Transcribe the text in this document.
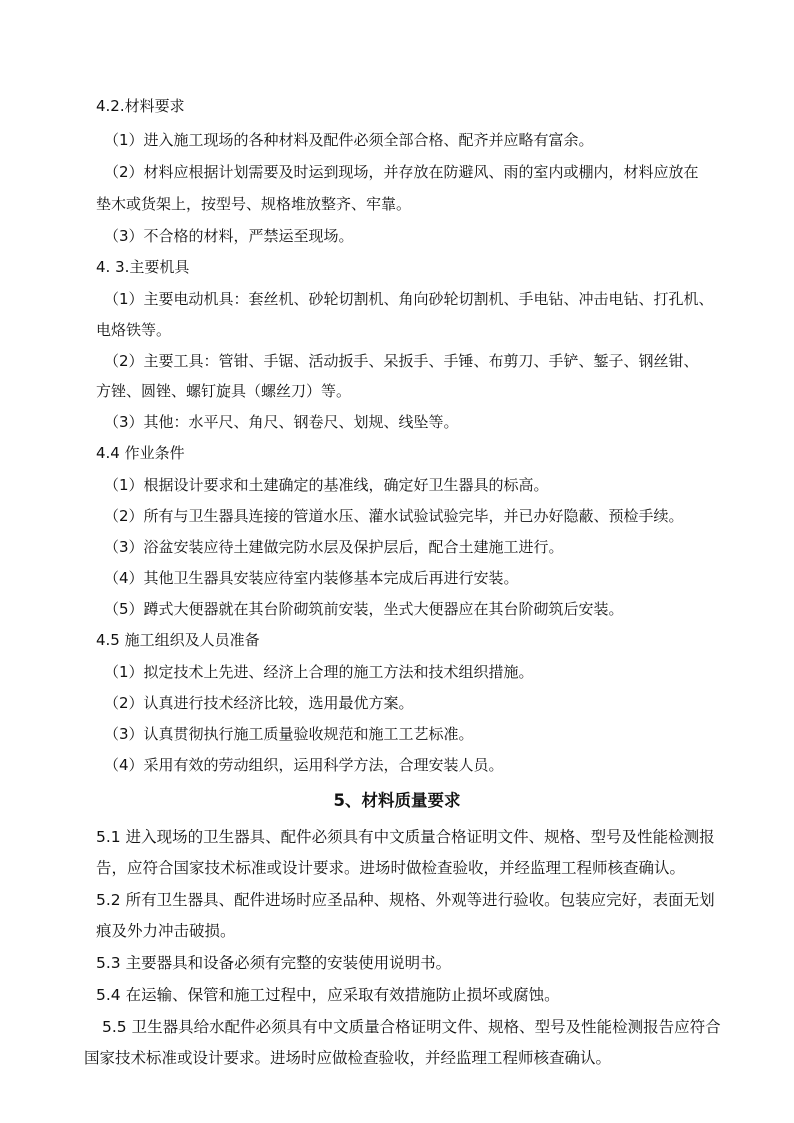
4.2.材料要求
（1）进入施工现场的各种材料及配件必须全部合格、配齐并应略有富余。
（2）材料应根据计划需要及时运到现场，并存放在防避风、雨的室内或棚内，材料应放在
垫木或货架上，按型号、规格堆放整齐、牢靠。
（3）不合格的材料，严禁运至现场。
4. 3.主要机具
（1）主要电动机具：套丝机、砂轮切割机、角向砂轮切割机、手电钻、冲击电钻、打孔机、
电烙铁等。
（2）主要工具：管钳、手锯、活动扳手、呆扳手、手锤、布剪刀、手铲、錾子、钢丝钳、
方锉、圆锉、螺钉旋具（螺丝刀）等。
（3）其他：水平尺、角尺、钢卷尺、划规、线坠等。
4.4 作业条件
（1）根据设计要求和土建确定的基准线，确定好卫生器具的标高。
（2）所有与卫生器具连接的管道水压、灌水试验试验完毕，并已办好隐蔽、预检手续。
（3）浴盆安装应待土建做完防水层及保护层后，配合土建施工进行。
（4）其他卫生器具安装应待室内装修基本完成后再进行安装。
（5）蹲式大便器就在其台阶砌筑前安装，坐式大便器应在其台阶砌筑后安装。
4.5 施工组织及人员准备
（1）拟定技术上先进、经济上合理的施工方法和技术组织措施。
（2）认真进行技术经济比较，选用最优方案。
（3）认真贯彻执行施工质量验收规范和施工工艺标准。
（4）采用有效的劳动组织，运用科学方法，合理安装人员。
5、材料质量要求
5.1 进入现场的卫生器具、配件必须具有中文质量合格证明文件、规格、型号及性能检测报
告，应符合国家技术标准或设计要求。进场时做检查验收，并经监理工程师核查确认。
5.2 所有卫生器具、配件进场时应圣品种、规格、外观等进行验收。包装应完好，表面无划
痕及外力冲击破损。
5.3 主要器具和设备必须有完整的安装使用说明书。
5.4 在运输、保管和施工过程中，应采取有效措施防止损坏或腐蚀。
5.5 卫生器具给水配件必须具有中文质量合格证明文件、规格、型号及性能检测报告应符合
国家技术标准或设计要求。进场时应做检查验收，并经监理工程师核查确认。
